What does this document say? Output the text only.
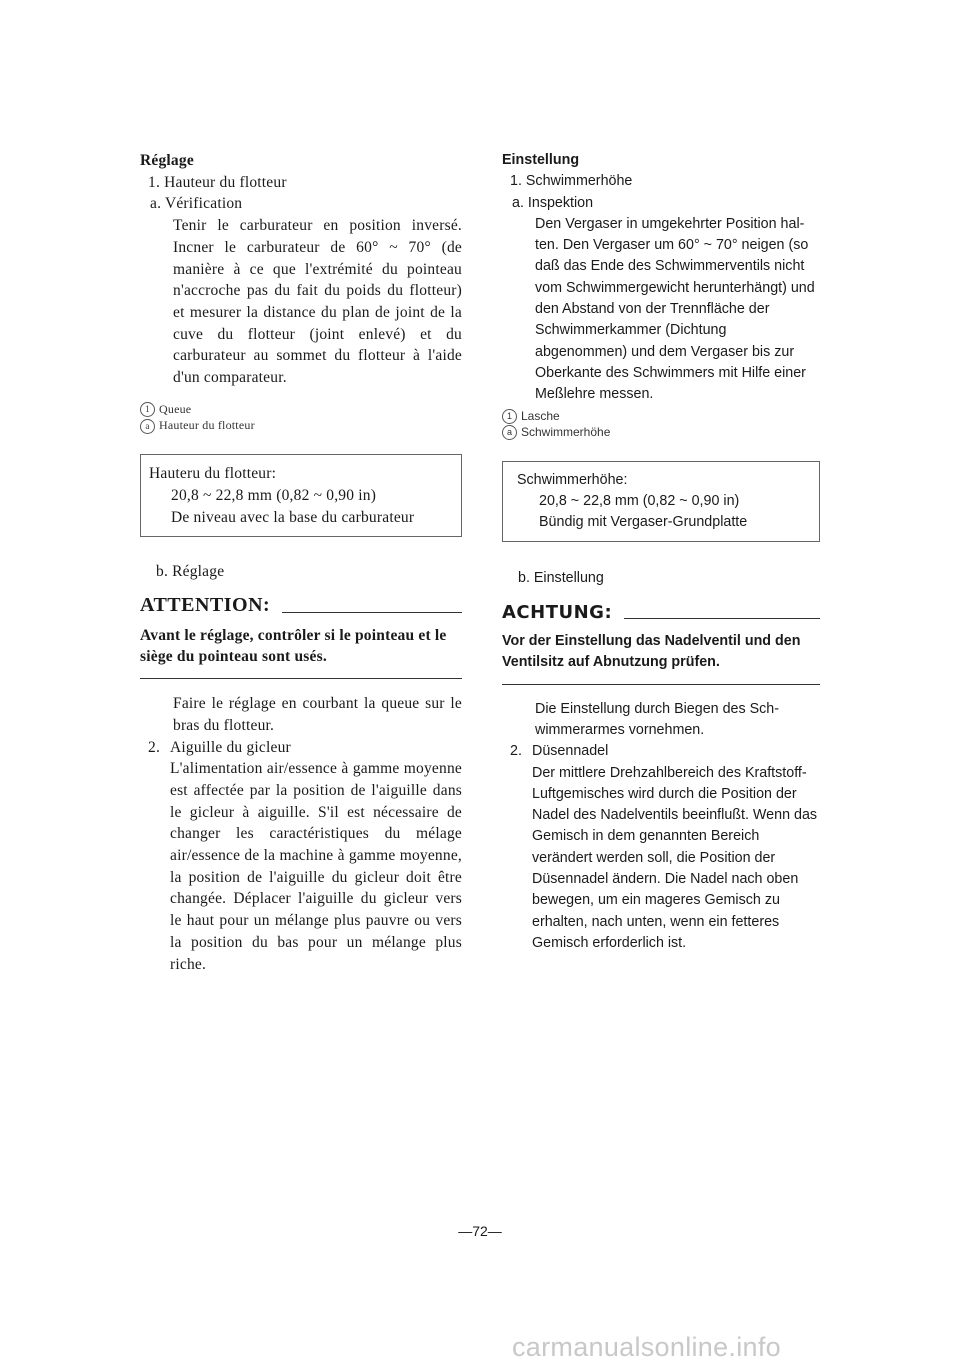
Réglage
1. Hauteur du flotteur
a. Vérification
Tenir le carburateur en position inversé. Incner le carburateur de 60° ~ 70° (de manière à ce que l'extrémité du pointeau n'accroche pas du fait du poids du flotteur) et mesurer la distance du plan de joint de la cuve du flotteur (joint enlevé) et du carburateur au sommet du flotteur à l'aide d'un comparateur.
1 Queue
a Hauteur du flotteur
Hauteru du flotteur:
20,8 ~ 22,8 mm (0,82 ~ 0,90 in)
De niveau avec la base du carburateur
b. Réglage
ATTENTION:
Avant le réglage, contrôler si le pointeau et le siège du pointeau sont usés.
Faire le réglage en courbant la queue sur le bras du flotteur.
2. Aiguille du gicleur
L'alimentation air/essence à gamme moyenne est affectée par la position de l'aiguille dans le gicleur à aiguille. S'il est nécessaire de changer les caractéristiques du mélage air/essence de la machine à gamme moyenne, la position de l'aiguille du gicleur doit être changée. Déplacer l'aiguille du gicleur vers le haut pour un mélange plus pauvre ou vers la position du bas pour un mélange plus riche.
Einstellung
1. Schwimmerhöhe
a. Inspektion
Den Vergaser in umgekehrter Position halten. Den Vergaser um 60° ~ 70° neigen (so daß das Ende des Schwimmerventils nicht vom Schwimmergewicht herunterhängt) und den Abstand von der Trennfläche der Schwimmerkammer (Dichtung abgenommen) und dem Vergaser bis zur Oberkante des Schwimmers mit Hilfe einer Meßlehre messen.
1 Lasche
a Schwimmerhöhe
Schwimmerhöhe:
20,8 ~ 22,8 mm (0,82 ~ 0,90 in)
Bündig mit Vergaser-Grundplatte
b. Einstellung
ACHTUNG:
Vor der Einstellung das Nadelventil und den Ventilsitz auf Abnutzung prüfen.
Die Einstellung durch Biegen des Schwimmerarmes vornehmen.
2. Düsennadel
Der mittlere Drehzahlbereich des Kraftstoff-Luftgemisches wird durch die Position der Nadel des Nadelventils beeinflußt. Wenn das Gemisch in dem genannten Bereich verändert werden soll, die Position der Düsennadel ändern. Die Nadel nach oben bewegen, um ein mageres Gemisch zu erhalten, nach unten, wenn ein fetteres Gemisch erforderlich ist.
—72—
carmanualsonline.info
